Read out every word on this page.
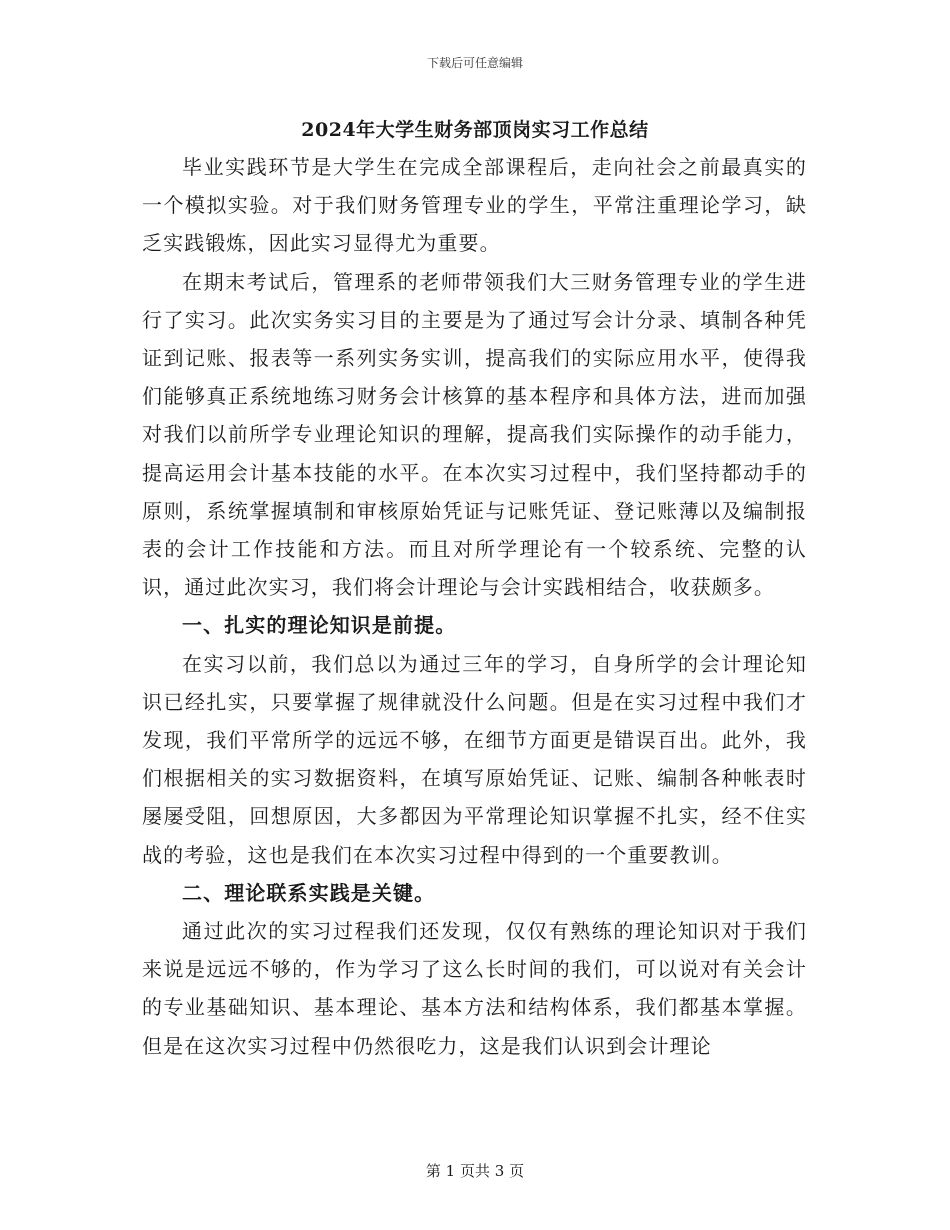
下载后可任意编辑
2024年大学生财务部顶岗实习工作总结

毕业实践环节是大学生在完成全部课程后，走向社会之前最真实的一个模拟实验。对于我们财务管理专业的学生，平常注重理论学习，缺乏实践锻炼，因此实习显得尤为重要。

在期末考试后，管理系的老师带领我们大三财务管理专业的学生进行了实习。此次实务实习目的主要是为了通过写会计分录、填制各种凭证到记账、报表等一系列实务实训，提高我们的实际应用水平，使得我们能够真正系统地练习财务会计核算的基本程序和具体方法，进而加强对我们以前所学专业理论知识的理解，提高我们实际操作的动手能力，提高运用会计基本技能的水平。在本次实习过程中，我们坚持都动手的原则，系统掌握填制和审核原始凭证与记账凭证、登记账薄以及编制报表的会计工作技能和方法。而且对所学理论有一个较系统、完整的认识，通过此次实习，我们将会计理论与会计实践相结合，收获颇多。

一、扎实的理论知识是前提。

在实习以前，我们总以为通过三年的学习，自身所学的会计理论知识已经扎实，只要掌握了规律就没什么问题。但是在实习过程中我们才发现，我们平常所学的远远不够，在细节方面更是错误百出。此外，我们根据相关的实习数据资料，在填写原始凭证、记账、编制各种帐表时屡屡受阻，回想原因，大多都因为平常理论知识掌握不扎实，经不住实战的考验，这也是我们在本次实习过程中得到的一个重要教训。

二、理论联系实践是关键。

通过此次的实习过程我们还发现，仅仅有熟练的理论知识对于我们来说是远远不够的，作为学习了这么长时间的我们，可以说对有关会计的专业基础知识、基本理论、基本方法和结构体系，我们都基本掌握。但是在这次实习过程中仍然很吃力，这是我们认识到会计理论

第 1 页共 3 页
